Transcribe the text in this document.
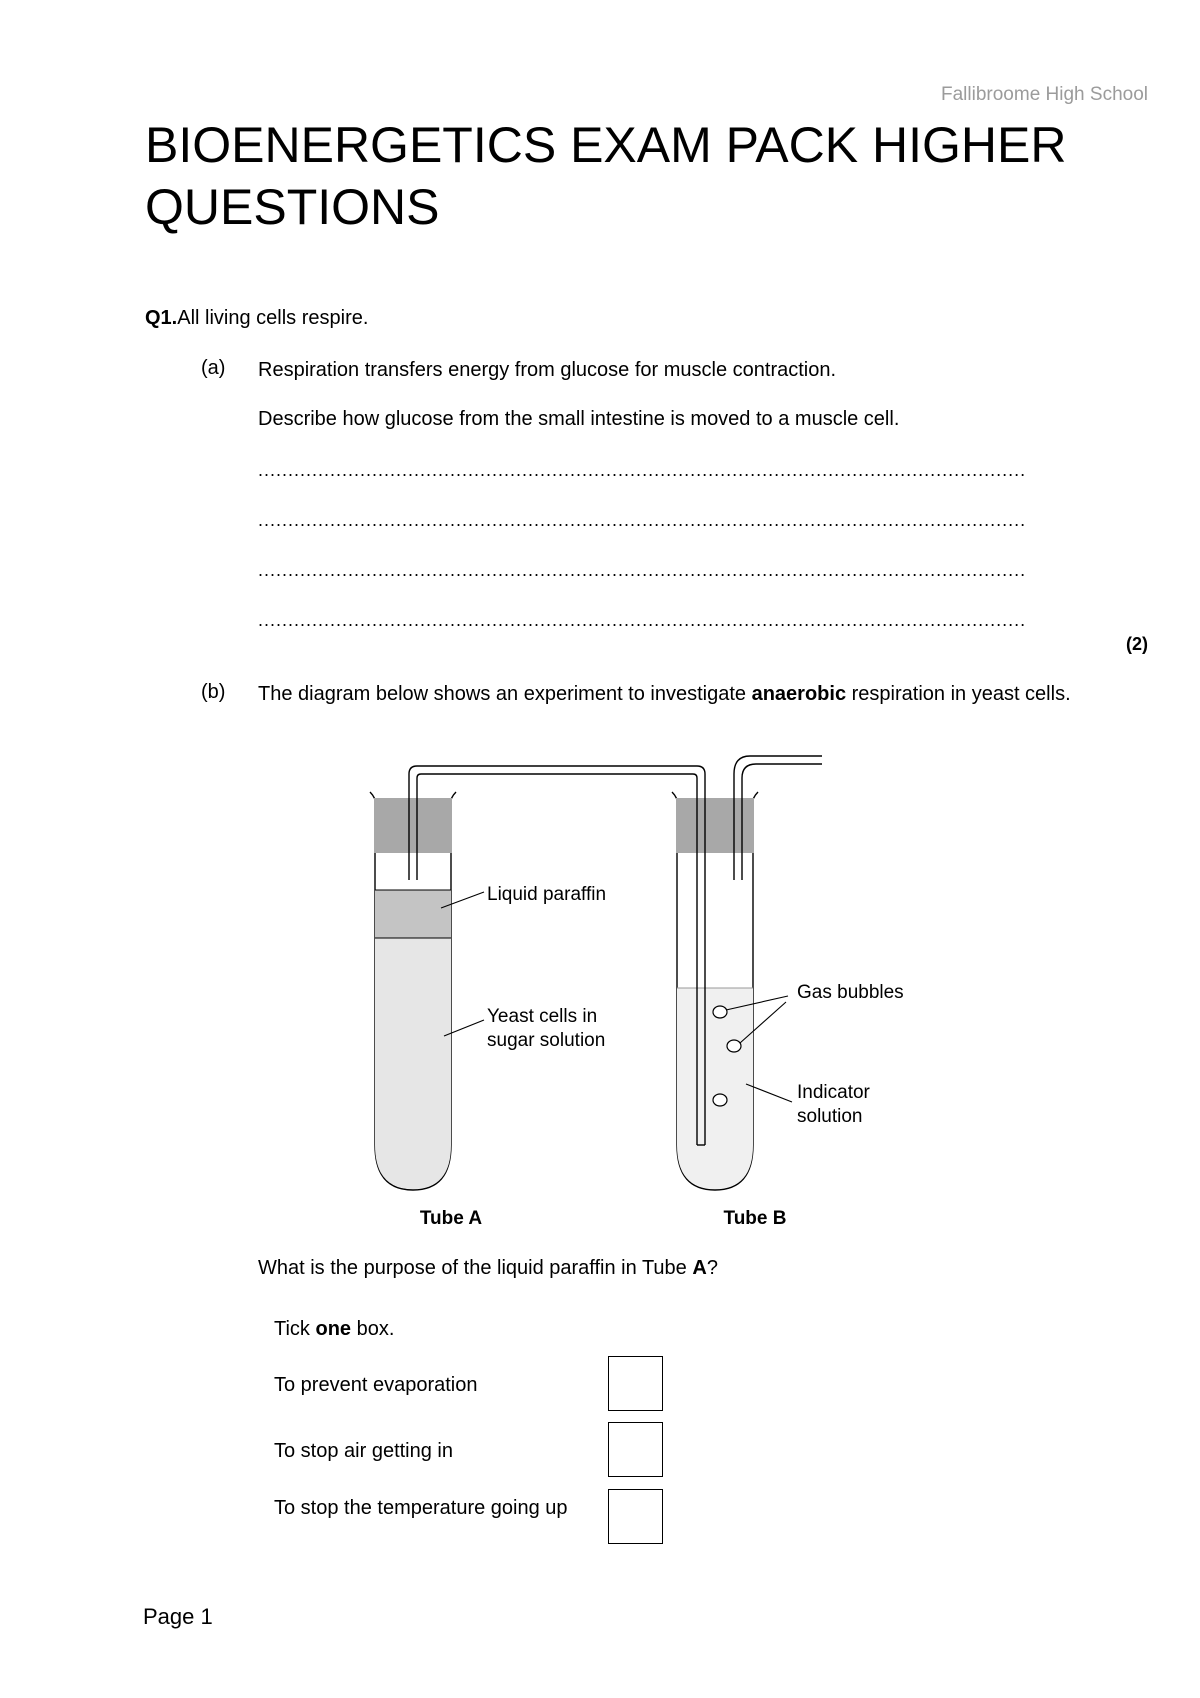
Fallibroome High School
BIOENERGETICS EXAM PACK HIGHER QUESTIONS
Q1.All living cells respire.
(a) Respiration transfers energy from glucose for muscle contraction.
Describe how glucose from the small intestine is moved to a muscle cell.
................................................................................................................................
................................................................................................................................
................................................................................................................................
................................................................................................................................
(2)
(b) The diagram below shows an experiment to investigate anaerobic respiration in yeast cells.
Liquid paraffin
Yeast cells in
sugar solution
Gas bubbles
Indicator
solution
Tube A	Tube B
What is the purpose of the liquid paraffin in Tube A?
Tick one box.
To prevent evaporation
To stop air getting in
To stop the temperature going up
Page 1
